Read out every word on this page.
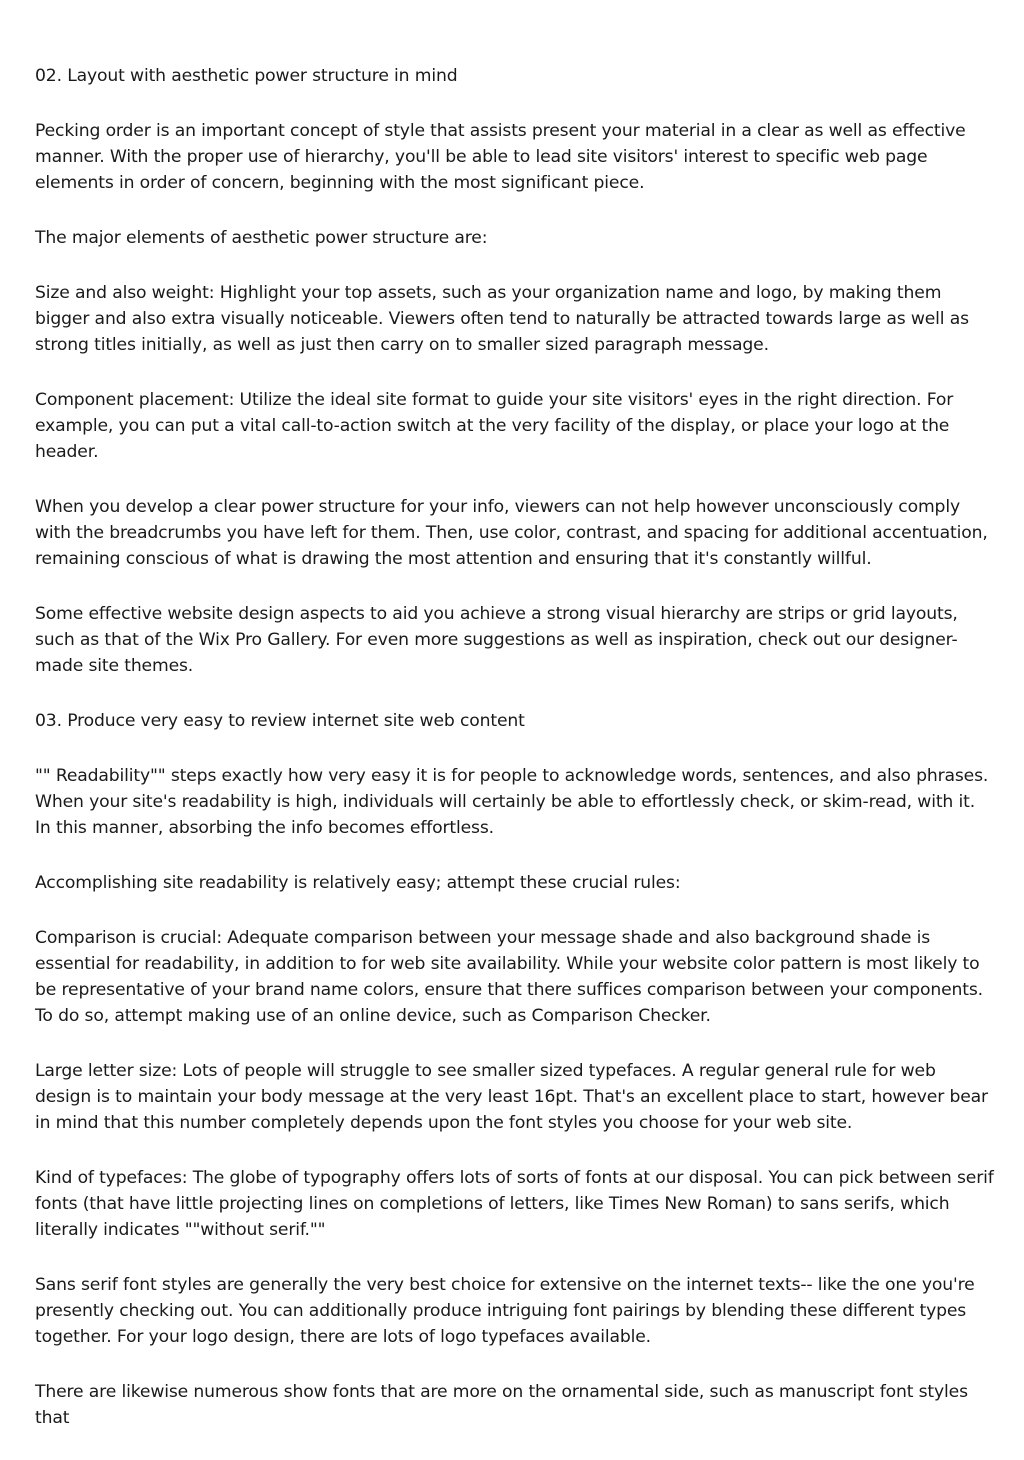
02. Layout with aesthetic power structure in mind

Pecking order is an important concept of style that assists present your material in a clear as well as effective manner. With the proper use of hierarchy, you'll be able to lead site visitors' interest to specific web page elements in order of concern, beginning with the most significant piece.

The major elements of aesthetic power structure are:

Size and also weight: Highlight your top assets, such as your organization name and logo, by making them bigger and also extra visually noticeable. Viewers often tend to naturally be attracted towards large as well as strong titles initially, as well as just then carry on to smaller sized paragraph message.

Component placement: Utilize the ideal site format to guide your site visitors' eyes in the right direction. For example, you can put a vital call-to-action switch at the very facility of the display, or place your logo at the header.

When you develop a clear power structure for your info, viewers can not help however unconsciously comply with the breadcrumbs you have left for them. Then, use color, contrast, and spacing for additional accentuation, remaining conscious of what is drawing the most attention and ensuring that it's constantly willful.

Some effective website design aspects to aid you achieve a strong visual hierarchy are strips or grid layouts, such as that of the Wix Pro Gallery. For even more suggestions as well as inspiration, check out our designer-made site themes.

03. Produce very easy to review internet site web content

"" Readability"" steps exactly how very easy it is for people to acknowledge words, sentences, and also phrases. When your site's readability is high, individuals will certainly be able to effortlessly check, or skim-read, with it. In this manner, absorbing the info becomes effortless.

Accomplishing site readability is relatively easy; attempt these crucial rules:

Comparison is crucial: Adequate comparison between your message shade and also background shade is essential for readability, in addition to for web site availability. While your website color pattern is most likely to be representative of your brand name colors, ensure that there suffices comparison between your components. To do so, attempt making use of an online device, such as Comparison Checker.

Large letter size: Lots of people will struggle to see smaller sized typefaces. A regular general rule for web design is to maintain your body message at the very least 16pt. That's an excellent place to start, however bear in mind that this number completely depends upon the font styles you choose for your web site.

Kind of typefaces: The globe of typography offers lots of sorts of fonts at our disposal. You can pick between serif fonts (that have little projecting lines on completions of letters, like Times New Roman) to sans serifs, which literally indicates ""without serif.""

Sans serif font styles are generally the very best choice for extensive on the internet texts-- like the one you're presently checking out. You can additionally produce intriguing font pairings by blending these different types together. For your logo design, there are lots of logo typefaces available.

There are likewise numerous show fonts that are more on the ornamental side, such as manuscript font styles that
